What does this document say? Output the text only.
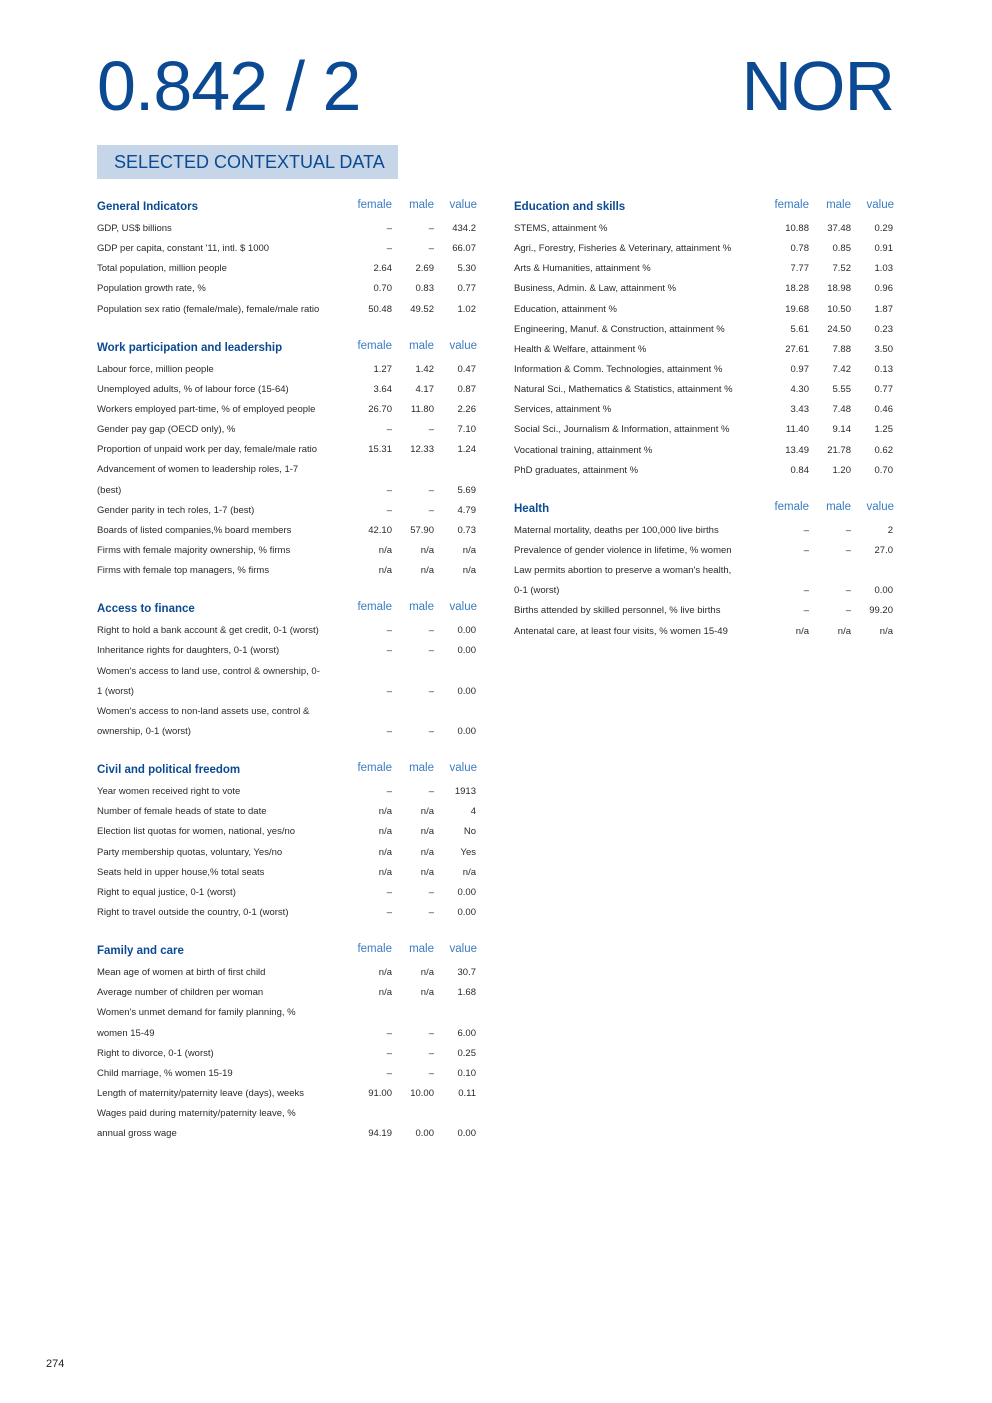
0.842 / 2	NOR
SELECTED CONTEXTUAL DATA
General Indicators	female	male	value
GDP, US$ billions	–	–	434.2
GDP per capita, constant '11, intl. $ 1000	–	–	66.07
Total population, million people	2.64	2.69	5.30
Population growth rate, %	0.70	0.83	0.77
Population sex ratio (female/male), female/male ratio	50.48	49.52	1.02
Work participation and leadership	female	male	value
Labour force, million people	1.27	1.42	0.47
Unemployed adults, % of labour force (15-64)	3.64	4.17	0.87
Workers employed part-time, % of employed people	26.70	11.80	2.26
Gender pay gap (OECD only), %	–	–	7.10
Proportion of unpaid work per day, female/male ratio	15.31	12.33	1.24
Advancement of women to leadership roles, 1-7
(best)	–	–	5.69
Gender parity in tech roles, 1-7 (best)	–	–	4.79
Boards of listed companies,% board members	42.10	57.90	0.73
Firms with female majority ownership, % firms	n/a	n/a	n/a
Firms with female top managers, % firms	n/a	n/a	n/a
Access to finance	female	male	value
Right to hold a bank account & get credit, 0-1 (worst)	–	–	0.00
Inheritance rights for daughters, 0-1 (worst)	–	–	0.00
Women's access to land use, control & ownership, 0-
1 (worst)	–	–	0.00
Women's access to non-land assets use, control &
ownership, 0-1 (worst)	–	–	0.00
Civil and political freedom	female	male	value
Year women received right to vote	–	–	1913
Number of female heads of state to date	n/a	n/a	4
Election list quotas for women, national, yes/no	n/a	n/a	No
Party membership quotas, voluntary, Yes/no	n/a	n/a	Yes
Seats held in upper house,% total seats	n/a	n/a	n/a
Right to equal justice, 0-1 (worst)	–	–	0.00
Right to travel outside the country, 0-1 (worst)	–	–	0.00
Family and care	female	male	value
Mean age of women at birth of first child	n/a	n/a	30.7
Average number of children per woman	n/a	n/a	1.68
Women's unmet demand for family planning, %
women 15-49	–	–	6.00
Right to divorce, 0-1 (worst)	–	–	0.25
Child marriage, % women 15-19	–	–	0.10
Length of maternity/paternity leave (days), weeks	91.00	10.00	0.11
Wages paid during maternity/paternity leave, %
annual gross wage	94.19	0.00	0.00
Education and skills	female	male	value
STEMS, attainment %	10.88	37.48	0.29
Agri., Forestry, Fisheries & Veterinary, attainment %	0.78	0.85	0.91
Arts & Humanities, attainment %	7.77	7.52	1.03
Business, Admin. & Law, attainment %	18.28	18.98	0.96
Education, attainment %	19.68	10.50	1.87
Engineering, Manuf. & Construction, attainment %	5.61	24.50	0.23
Health & Welfare, attainment %	27.61	7.88	3.50
Information & Comm. Technologies, attainment %	0.97	7.42	0.13
Natural Sci., Mathematics & Statistics, attainment %	4.30	5.55	0.77
Services, attainment %	3.43	7.48	0.46
Social Sci., Journalism & Information, attainment %	11.40	9.14	1.25
Vocational training, attainment %	13.49	21.78	0.62
PhD graduates, attainment %	0.84	1.20	0.70
Health	female	male	value
Maternal mortality, deaths per 100,000 live births	–	–	2
Prevalence of gender violence in lifetime, % women	–	–	27.0
Law permits abortion to preserve a woman's health,
0-1 (worst)	–	–	0.00
Births attended by skilled personnel, % live births	–	–	99.20
Antenatal care, at least four visits, % women 15-49	n/a	n/a	n/a
274
